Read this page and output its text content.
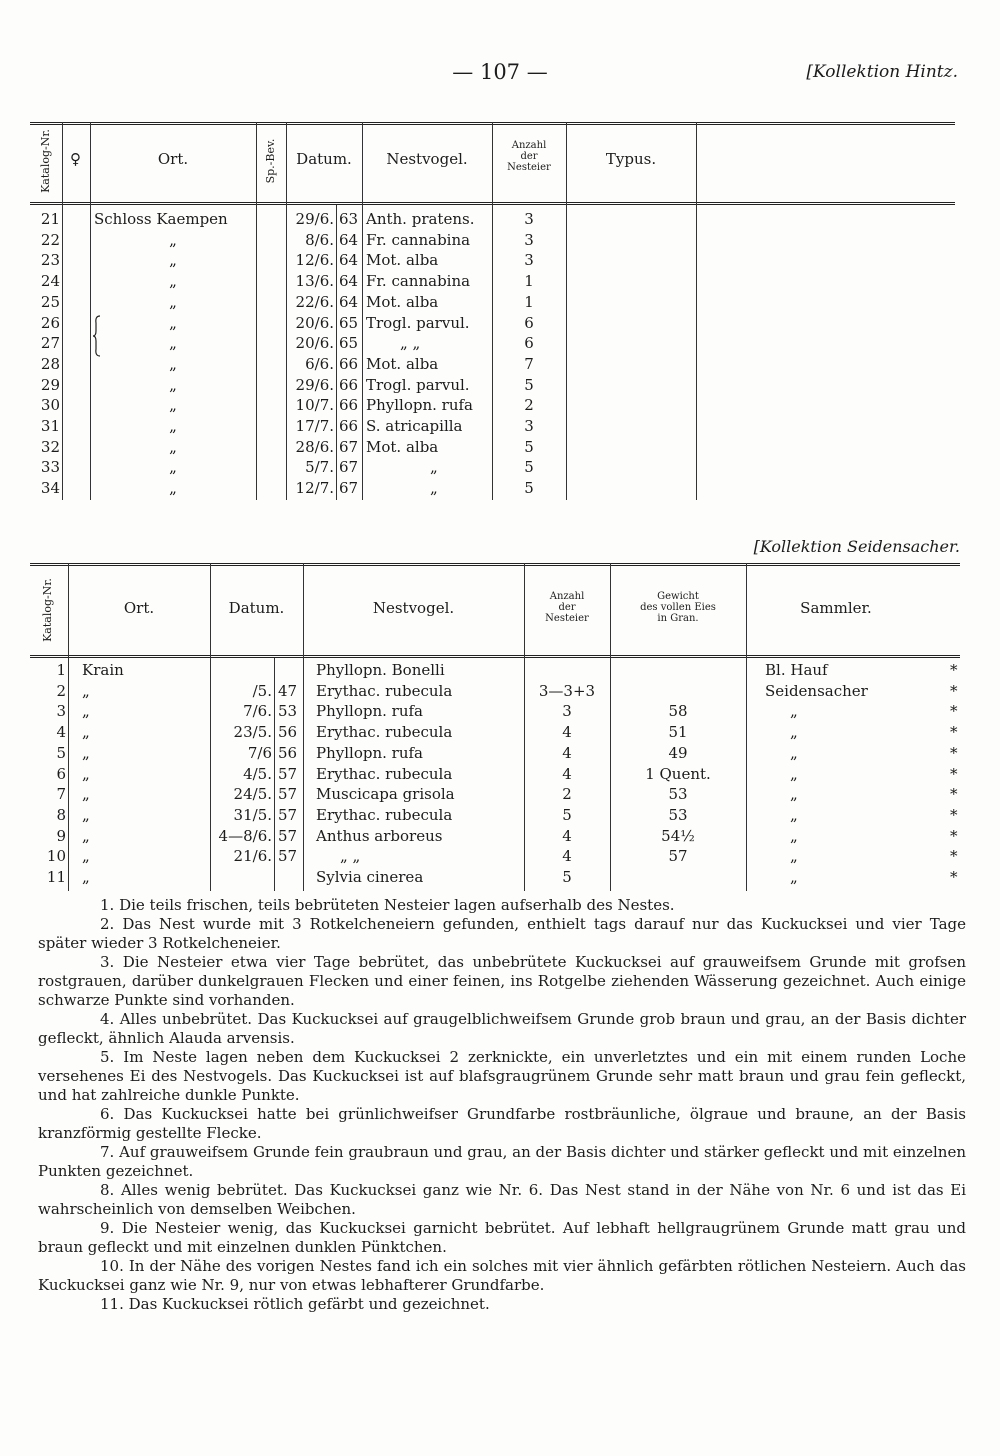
— 107 —	[Kollektion Hintz.
Katalog-Nr. ♀	Ort.	Sp.-Bev.	Datum.	Nestvogel.
Anzahl
der
Nesteier	Typus.
21 Schloss Kaempen	29/6. 63 Anth. pratens.	3
22	„	8/6. 64 Fr. cannabina	3
23	„	12/6. 64 Mot. alba	3
24	„	13/6. 64 Fr. cannabina	1
25	„	22/6. 64 Mot. alba	1
26	„	20/6. 65 Trogl. parvul.	6
27	„	20/6. 65	„ „	6
28	„	6/6. 66 Mot. alba	7
29	„	29/6. 66 Trogl. parvul.	5
30	„	10/7. 66 Phyllopn. rufa	2
31	„	17/7. 66 S. atricapilla	3
32	„	28/6. 67 Mot. alba	5
33	„	5/7. 67	„	5
34	„	12/7. 67	„	5
[Kollektion Seidensacher.
Katalog-Nr.	Ort.	Datum.	Nestvogel.
Anzahl
der
Nesteier
Gewicht
des vollen Eies
in Gran.
Sammler.
1 Krain	Phyllopn. Bonelli	Bl. Hauf	*
2 „	/5. 47 Erythac. rubecula	3—3+3	Seidensacher	*
3 „	7/6. 53 Phyllopn. rufa	3	58	„	*
4 „	23/5. 56 Erythac. rubecula	4	51	„	*
5 „	7/6 56 Phyllopn. rufa	4	49	„	*
6 „	4/5. 57 Erythac. rubecula	4	1 Quent.	„	*
7 „	24/5. 57 Muscicapa grisola	2	53	„	*
8 „	31/5. 57 Erythac. rubecula	5	53	„	*
9 „	4—8/6. 57 Anthus arboreus	4	54½	„	*
10 „	21/6. 57	„ „	4	57	„	*
11 „	Sylvia cinerea	5	„	*

1. Die teils frischen, teils bebrüteten Nesteier lagen aufserhalb des Nestes.

2. Das Nest wurde mit 3 Rotkelcheneiern gefunden, enthielt tags darauf nur das Kuckucksei und vier Tage später wieder 3 Rotkelcheneier.

3. Die Nesteier etwa vier Tage bebrütet, das unbebrütete Kuckucksei auf grauweifsem Grunde mit grofsen rostgrauen, darüber dunkelgrauen Flecken und einer feinen, ins Rotgelbe ziehenden Wässerung gezeichnet. Auch einige schwarze Punkte sind vorhanden.

4. Alles unbebrütet. Das Kuckucksei auf graugelblichweifsem Grunde grob braun und grau, an der Basis dichter gefleckt, ähnlich Alauda arvensis.

5. Im Neste lagen neben dem Kuckucksei 2 zerknickte, ein unverletztes und ein mit einem runden Loche versehenes Ei des Nestvogels. Das Kuckucksei ist auf blafsgraugrünem Grunde sehr matt braun und grau fein gefleckt, und hat zahlreiche dunkle Punkte.

6. Das Kuckucksei hatte bei grünlichweifser Grundfarbe rostbräunliche, ölgraue und braune, an der Basis kranzförmig gestellte Flecke.

7. Auf grauweifsem Grunde fein graubraun und grau, an der Basis dichter und stärker gefleckt und mit einzelnen Punkten gezeichnet.

8. Alles wenig bebrütet. Das Kuckucksei ganz wie Nr. 6. Das Nest stand in der Nähe von Nr. 6 und ist das Ei wahrscheinlich von demselben Weibchen.

9. Die Nesteier wenig, das Kuckucksei garnicht bebrütet. Auf lebhaft hellgraugrünem Grunde matt grau und braun gefleckt und mit einzelnen dunklen Pünktchen.

10. In der Nähe des vorigen Nestes fand ich ein solches mit vier ähnlich gefärbten rötlichen Nesteiern. Auch das Kuckucksei ganz wie Nr. 9, nur von etwas lebhafterer Grundfarbe.

11. Das Kuckucksei rötlich gefärbt und gezeichnet.
